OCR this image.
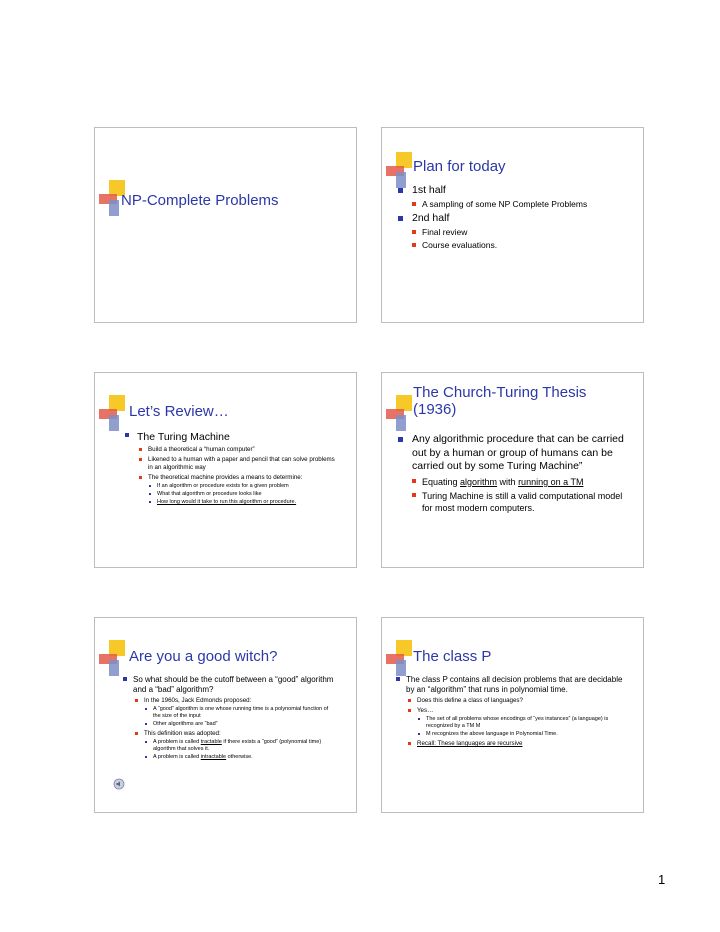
NP-Complete Problems
Plan for today
1st half
A sampling of some NP Complete Problems
2nd half
Final review
Course evaluations.
Let’s Review…
The Turing Machine
Build a theoretical a “human computer”
Likened to a human with a paper and pencil that can solve problems in an algorithmic way
The theoretical machine provides a means to determine:
If an algorithm or procedure exists for a given problem
What that algorithm or procedure looks like
How long would it take to run this algorithm or procedure.
The Church-Turing Thesis
(1936)
Any algorithmic procedure that can be carried out by a human or group of humans can be carried out by some Turing Machine”
Equating algorithm with running on a TM
Turing Machine is still a valid computational model for most modern computers.
Are you a good witch?
So what should be the cutoff between a “good” algorithm and a “bad” algorithm?
In the 1960s, Jack Edmonds proposed:
A “good” algorithm is one whose running time is a polynomial function of the size of the input
Other algorithms are “bad”
This definition was adopted:
A problem is called tractable if there exists a “good” (polynomial time) algorithm that solves it.
A problem is called intractable otherwise.
The class P
The class P contains all decision problems that are decidable by an “algorithm” that runs in polynomial time.
Does this define a class of languages?
Yes…
The set of all problems whose encodings of “yes instances” (a language) is recognized by a TM M
M recognizes the above language in Polynomial Time.
Recall: These languages are recursive
1
